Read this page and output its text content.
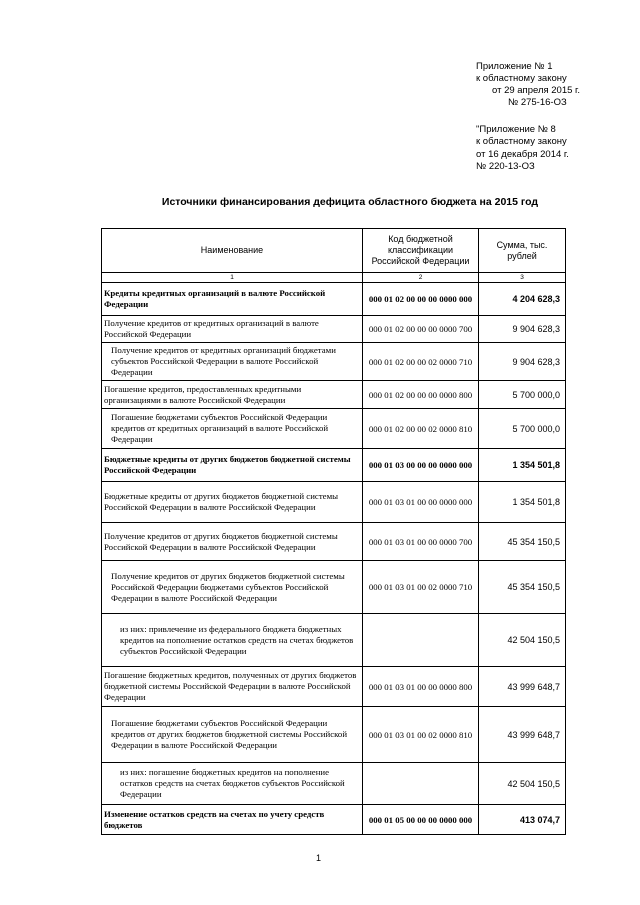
Приложение № 1
к областному закону
от 29 апреля 2015 г.
№ 275-16-ОЗ
"Приложение № 8
к областному закону
от 16 декабря 2014 г.
№ 220-13-ОЗ
Источники финансирования дефицита областного бюджета на 2015 год
Наименование	Код бюджетной классификации Российской Федерации	Сумма, тыс. рублей
1	2	3
Кредиты кредитных организаций в валюте Российской Федерации	000 01 02 00 00 00 0000 000	4 204 628,3
Получение кредитов от кредитных организаций в валюте Российской Федерации	000 01 02 00 00 00 0000 700	9 904 628,3
Получение кредитов от кредитных организаций бюджетами субъектов Российской Федерации в валюте Российской Федерации	000 01 02 00 00 02 0000 710	9 904 628,3
Погашение кредитов, предоставленных кредитными организациями в валюте Российской Федерации	000 01 02 00 00 00 0000 800	5 700 000,0
Погашение бюджетами субъектов Российской Федерации кредитов от кредитных организаций в валюте Российской Федерации	000 01 02 00 00 02 0000 810	5 700 000,0
Бюджетные кредиты от других бюджетов бюджетной системы Российской Федерации	000 01 03 00 00 00 0000 000	1 354 501,8
Бюджетные кредиты от других бюджетов бюджетной системы Российской Федерации в валюте Российской Федерации	000 01 03 01 00 00 0000 000	1 354 501,8
Получение кредитов от других бюджетов бюджетной системы Российской Федерации в валюте Российской Федерации	000 01 03 01 00 00 0000 700	45 354 150,5
Получение кредитов от других бюджетов бюджетной системы Российской Федерации бюджетами субъектов Российской Федерации в валюте Российской Федерации	000 01 03 01 00 02 0000 710	45 354 150,5
из них: привлечение из федерального бюджета бюджетных кредитов на пополнение остатков средств на счетах бюджетов субъектов Российской Федерации		42 504 150,5
Погашение бюджетных кредитов, полученных от других бюджетов бюджетной системы Российской Федерации в валюте Российской Федерации	000 01 03 01 00 00 0000 800	43 999 648,7
Погашение бюджетами субъектов Российской Федерации кредитов от других бюджетов бюджетной системы Российской Федерации в валюте Российской Федерации	000 01 03 01 00 02 0000 810	43 999 648,7
из них: погашение бюджетных кредитов на пополнение остатков средств на счетах бюджетов субъектов Российской Федерации		42 504 150,5
Изменение остатков средств на счетах по учету средств бюджетов	000 01 05 00 00 00 0000 000	413 074,7
1
